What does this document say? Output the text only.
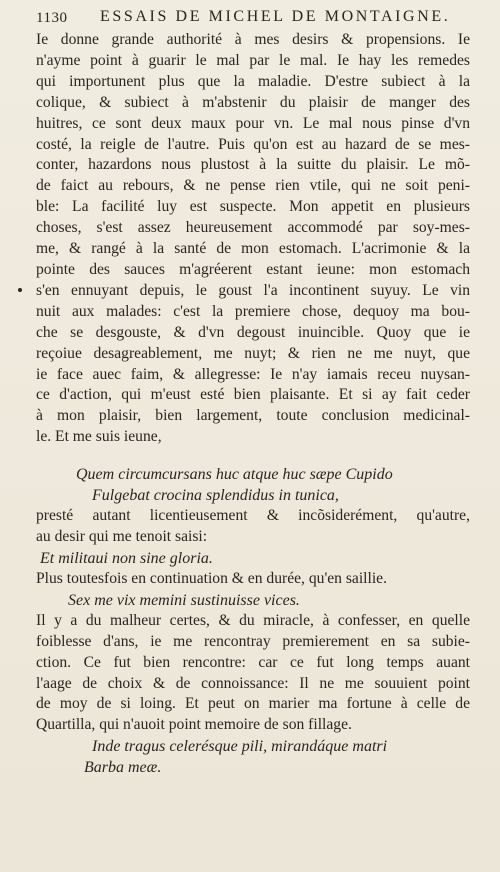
1130 ESSAIS DE MICHEL DE MONTAIGNE.
Ie donne grande authorité à mes desirs & propensions. Ie
n'ayme point à guarir le mal par le mal. Ie hay les remedes
qui importunent plus que la maladie. D'estre subiect à la
colique, & subiect à m'abstenir du plaisir de manger des
huitres, ce sont deux maux pour vn. Le mal nous pinse d'vn
costé, la reigle de l'autre. Puis qu'on est au hazard de se mes-
conter, hazardons nous plustost à la suitte du plaisir. Le mõ-
de faict au rebours, & ne pense rien vtile, qui ne soit peni-
ble: La facilité luy est suspecte. Mon appetit en plusieurs
choses, s'est assez heureusement accommodé par soy-mes-
me, & rangé à la santé de mon estomach. L'acrimonie & la
pointe des sauces m'agréerent estant ieune: mon estomach
s'en ennuyant depuis, le goust l'a incontinent suyuy. Le vin
nuit aux malades: c'est la premiere chose, dequoy ma bou-
che se desgouste, & d'vn degoust inuincible. Quoy que ie
reçoiue desagreablement, me nuyt; & rien ne me nuyt, que
ie face auec faim, & allegresse: Ie n'ay iamais receu nuysan-
ce d'action, qui m'eust esté bien plaisante. Et si ay fait ceder
à mon plaisir, bien largement, toute conclusion medicinal-
le. Et me suis ieune,
Quem circumcursans huc atque huc sæpe Cupido
Fulgebat crocina splendidus in tunica,
presté autant licentieusement & incõsiderément, qu'autre,
au desir qui me tenoit saisi:
Et militaui non sine gloria.
Plus toutesfois en continuation & en durée, qu'en saillie.
Sex me vix memini sustinuisse vices.
Il y a du malheur certes, & du miracle, à confesser, en quelle
foiblesse d'ans, ie me rencontray premierement en sa subie-
ction. Ce fut bien rencontre: car ce fut long temps auant
l'aage de choix & de connoissance: Il ne me souuient point
de moy de si loing. Et peut on marier ma fortune à celle de
Quartilla, qui n'auoit point memoire de son fillage.
Inde tragus celerésque pili, mirandáque matri
Barba meæ.
